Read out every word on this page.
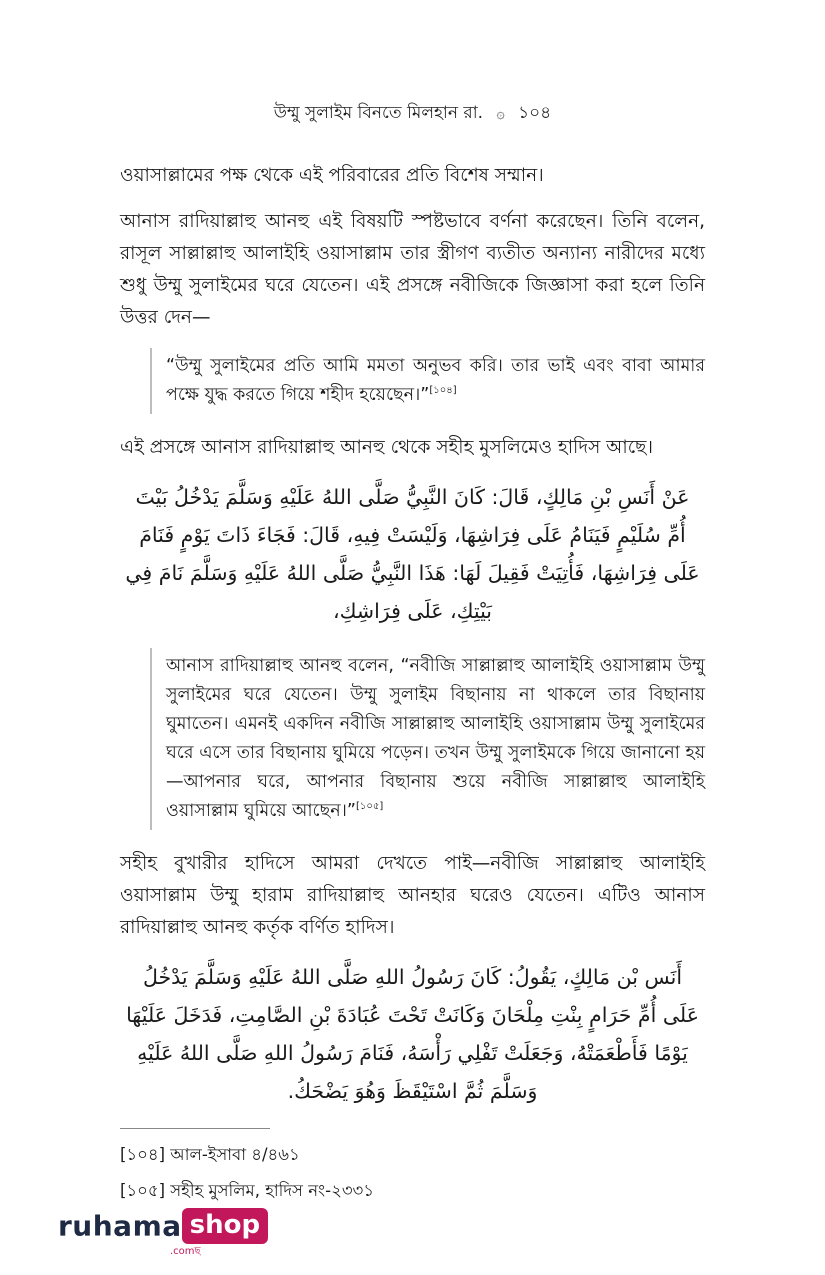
উম্মু সুলাইম বিনতে মিলহান রা. ۞ ১০৪

ওয়াসাল্লামের পক্ষ থেকে এই পরিবারের প্রতি বিশেষ সম্মান।

আনাস রাদিয়াল্লাহু আনহু এই বিষয়টি স্পষ্টভাবে বর্ণনা করেছেন। তিনি বলেন, রাসূল সাল্লাল্লাহু আলাইহি ওয়াসাল্লাম তার স্ত্রীগণ ব্যতীত অন্যান্য নারীদের মধ্যে শুধু উম্মু সুলাইমের ঘরে যেতেন। এই প্রসঙ্গে নবীজিকে জিজ্ঞাসা করা হলে তিনি উত্তর দেন—

“উম্মু সুলাইমের প্রতি আমি মমতা অনুভব করি। তার ভাই এবং বাবা আমার পক্ষে যুদ্ধ করতে গিয়ে শহীদ হয়েছেন।”[১০৪]

এই প্রসঙ্গে আনাস রাদিয়াল্লাহু আনহু থেকে সহীহ মুসলিমেও হাদিস আছে।

عَنْ أَنَسِ بْنِ مَالِكٍ، قَالَ: كَانَ النَّبِيُّ صَلَّى اللهُ عَلَيْهِ وَسَلَّمَ يَدْخُلُ بَيْتَ أُمِّ سُلَيْمٍ فَيَنَامُ عَلَى فِرَاشِهَا، وَلَيْسَتْ فِيهِ، قَالَ: فَجَاءَ ذَاتَ يَوْمٍ فَنَامَ عَلَى فِرَاشِهَا، فَأُتِيَتْ فَقِيلَ لَهَا: هَذَا النَّبِيُّ صَلَّى اللهُ عَلَيْهِ وَسَلَّمَ نَامَ فِي بَيْتِكِ، عَلَى فِرَاشِكِ،
আনাস রাদিয়াল্লাহু আনহু বলেন, “নবীজি সাল্লাল্লাহু আলাইহি ওয়াসাল্লাম উম্মু সুলাইমের ঘরে যেতেন। উম্মু সুলাইম বিছানায় না থাকলে তার বিছানায় ঘুমাতেন। এমনই একদিন নবীজি সাল্লাল্লাহু আলাইহি ওয়াসাল্লাম উম্মু সুলাইমের ঘরে এসে তার বিছানায় ঘুমিয়ে পড়েন। তখন উম্মু সুলাইমকে গিয়ে জানানো হয়—আপনার ঘরে, আপনার বিছানায় শুয়ে নবীজি সাল্লাল্লাহু আলাইহি ওয়াসাল্লাম ঘুমিয়ে আছেন।”[১০৫]

সহীহ বুখারীর হাদিসে আমরা দেখতে পাই—নবীজি সাল্লাল্লাহু আলাইহি ওয়াসাল্লাম উম্মু হারাম রাদিয়াল্লাহু আনহার ঘরেও যেতেন। এটিও আনাস রাদিয়াল্লাহু আনহু কর্তৃক বর্ণিত হাদিস।

أَنَس بْن مَالِكٍ، يَقُولُ: كَانَ رَسُولُ اللهِ صَلَّى اللهُ عَلَيْهِ وَسَلَّمَ يَدْخُلُ عَلَى أُمِّ حَرَامٍ بِنْتِ مِلْحَانَ وَكَانَتْ تَحْتَ عُبَادَةَ بْنِ الصَّامِتِ، فَدَخَلَ عَلَيْهَا يَوْمًا فَأَطْعَمَتْهُ، وَجَعَلَتْ تَفْلِي رَأْسَهُ، فَنَامَ رَسُولُ اللهِ صَلَّى اللهُ عَلَيْهِ وَسَلَّمَ ثُمَّ اسْتَيْقَظَ وَهُوَ يَضْحَكُ.

[১০৪] আল-ইসাবা ৪/৪৬১

[১০৫] সহীহ মুসলিম, হাদিস নং-২৩৩১

ruhama shop
.comছ
